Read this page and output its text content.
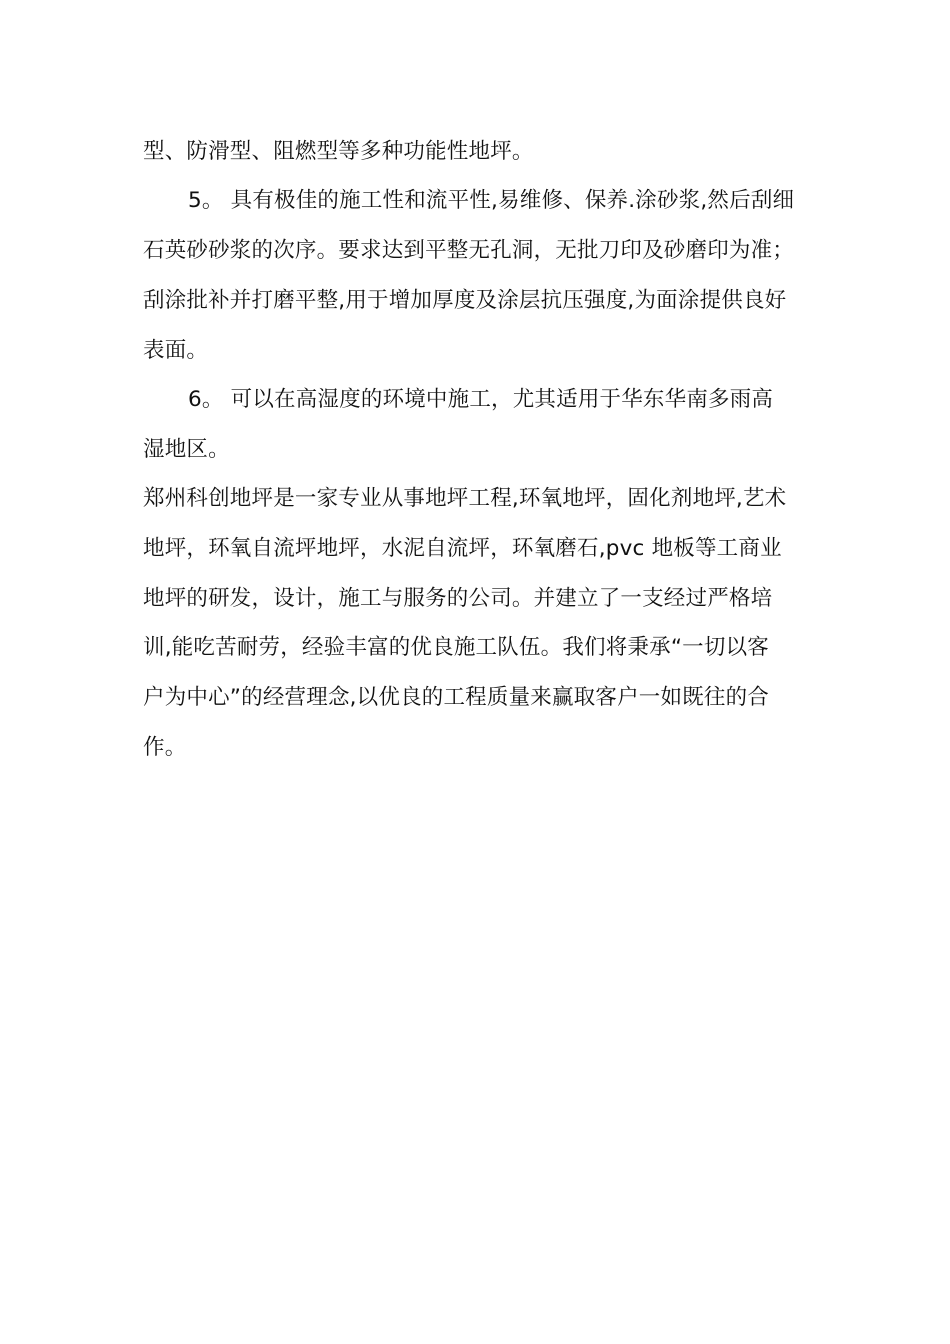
型、防滑型、阻燃型等多种功能性地坪。
5。 具有极佳的施工性和流平性,易维修、保养.涂砂浆,然后刮细
石英砂砂浆的次序。要求达到平整无孔洞，无批刀印及砂磨印为准；
刮涂批补并打磨平整,用于增加厚度及涂层抗压强度,为面涂提供良好
表面。
6。 可以在高湿度的环境中施工，尤其适用于华东华南多雨高
湿地区。
郑州科创地坪是一家专业从事地坪工程,环氧地坪，固化剂地坪,艺术
地坪，环氧自流坪地坪，水泥自流坪，环氧磨石,pvc 地板等工商业
地坪的研发，设计，施工与服务的公司。并建立了一支经过严格培
训,能吃苦耐劳，经验丰富的优良施工队伍。我们将秉承“一切以客
户为中心”的经营理念,以优良的工程质量来赢取客户一如既往的合
作。
